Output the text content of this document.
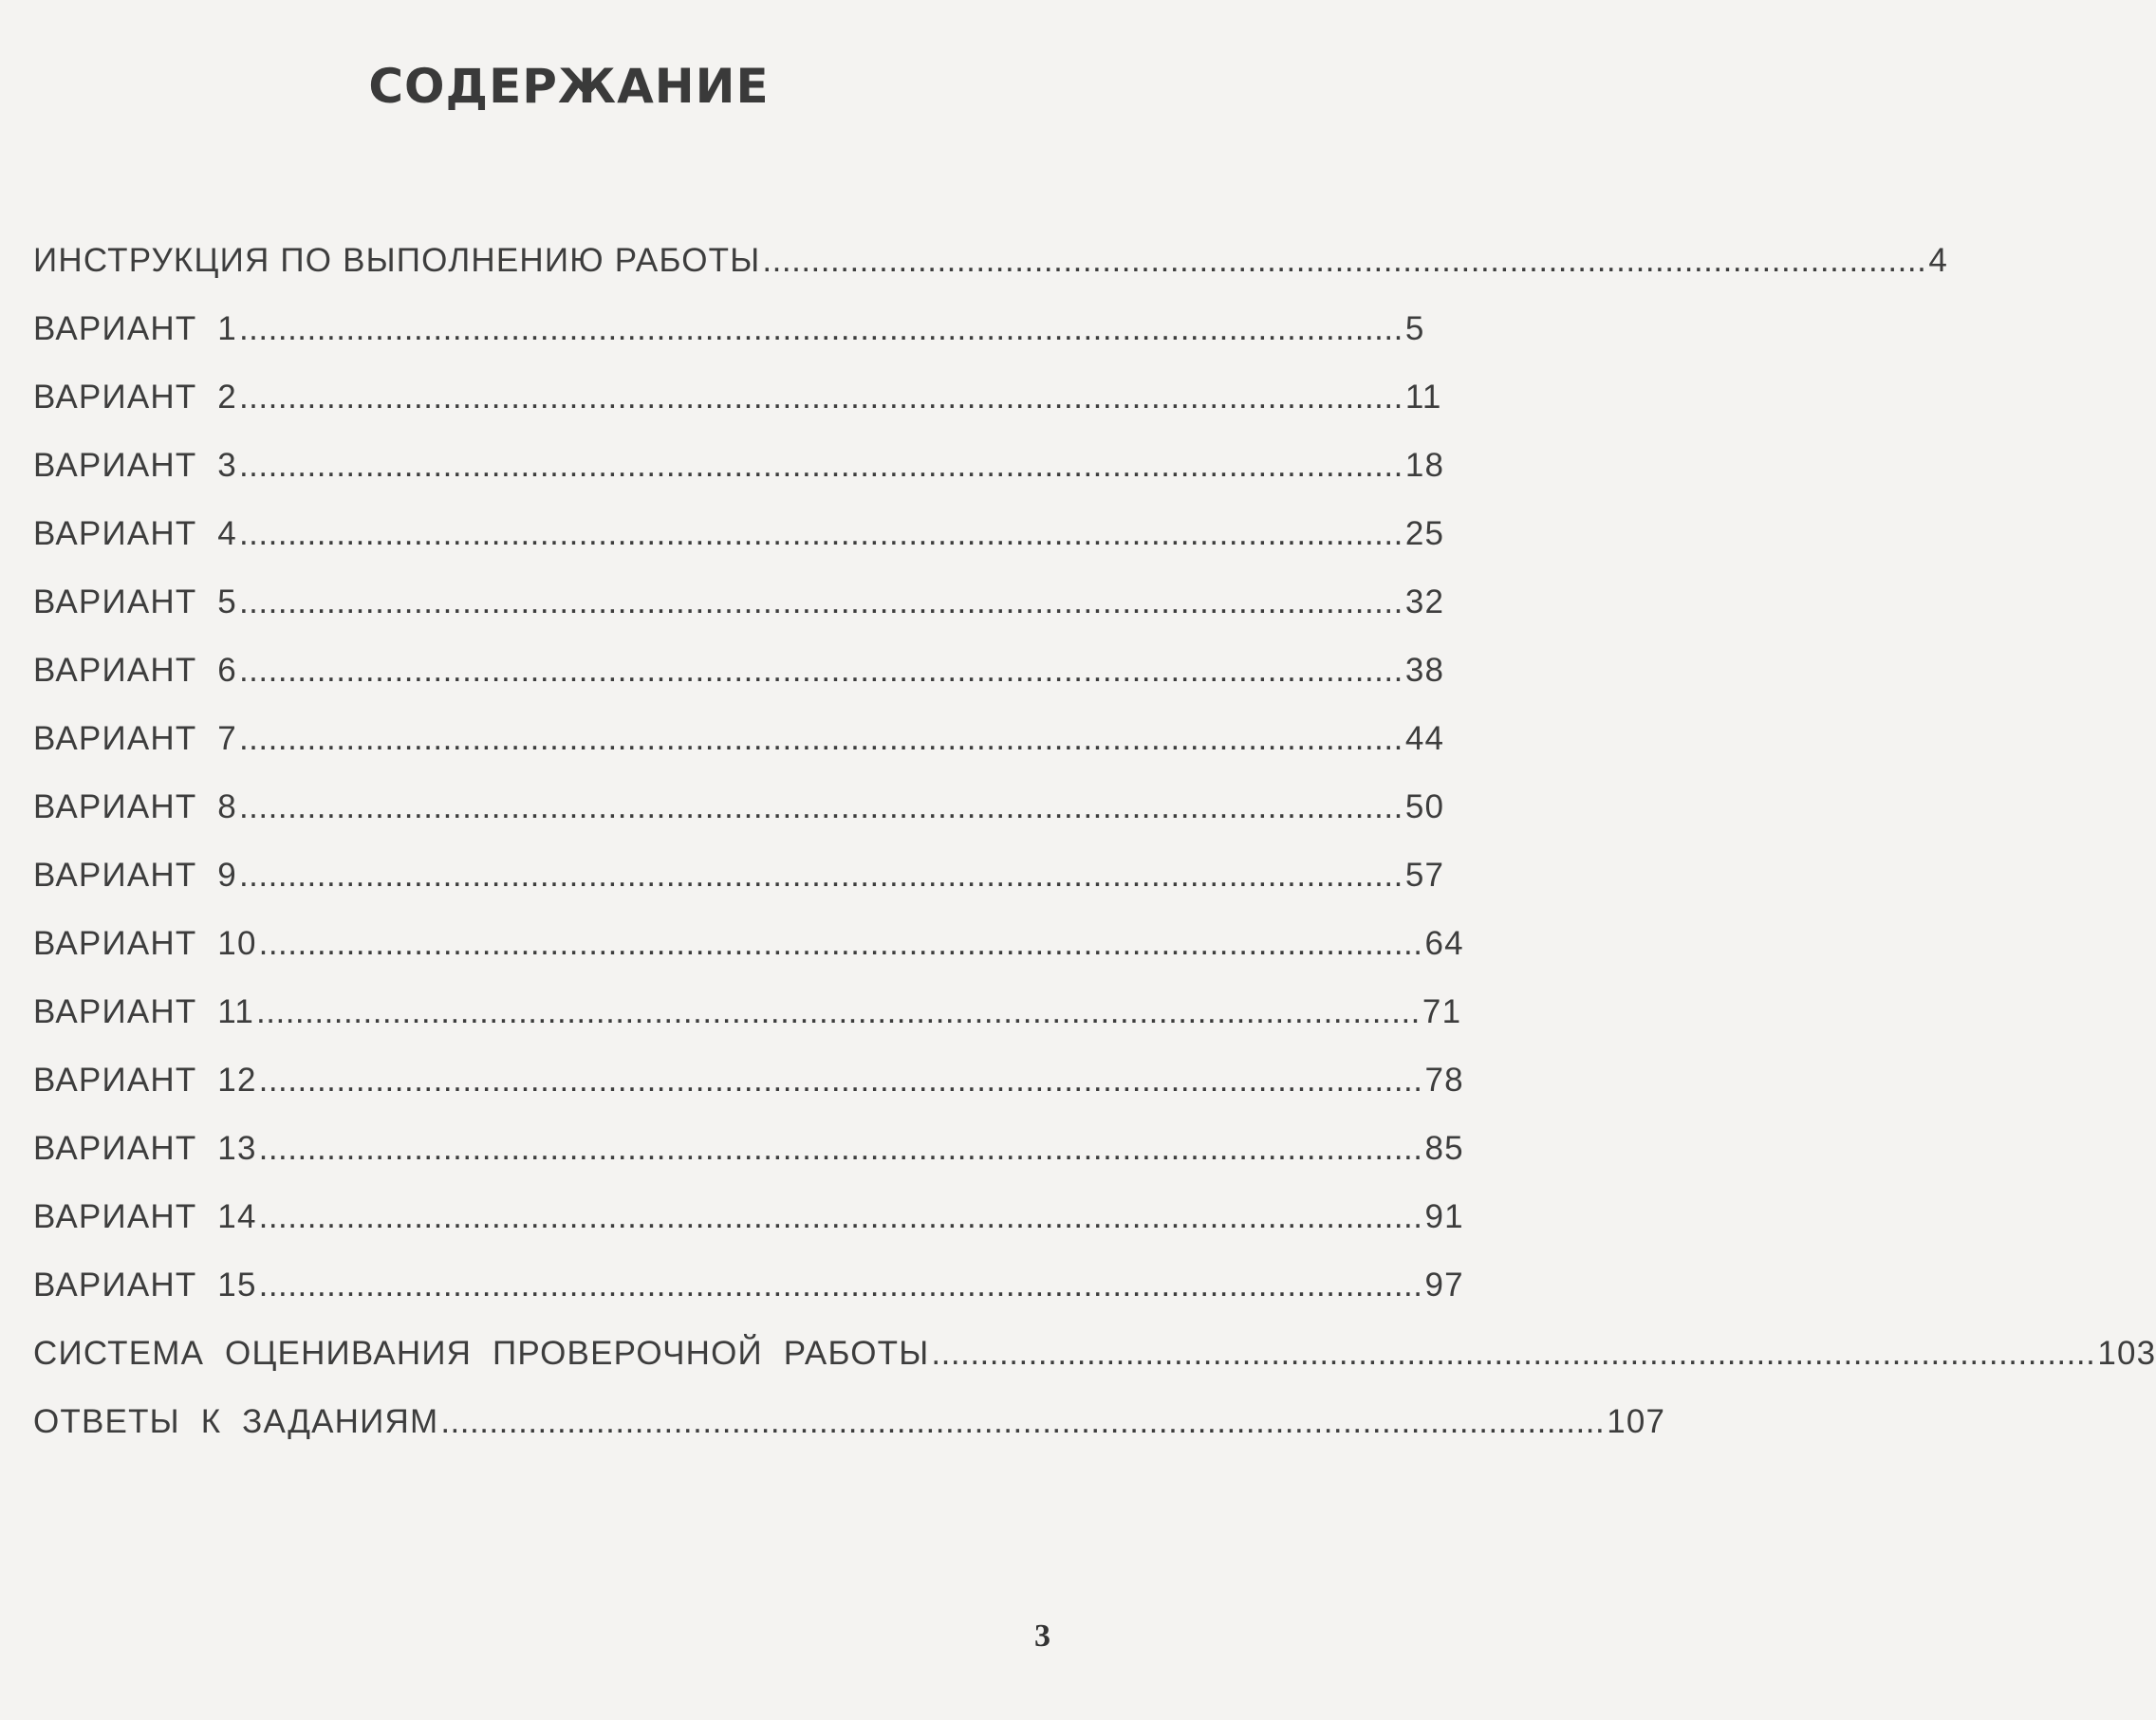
СОДЕРЖАНИЕ
ИНСТРУКЦИЯ ПО ВЫПОЛНЕНИЮ РАБОТЫ ........................................................................................................................ 4
ВАРИАНТ  1 ........................................................................................................................ 5
ВАРИАНТ  2 ........................................................................................................................ 11
ВАРИАНТ  3 ........................................................................................................................ 18
ВАРИАНТ  4 ........................................................................................................................ 25
ВАРИАНТ  5 ........................................................................................................................ 32
ВАРИАНТ  6 ........................................................................................................................ 38
ВАРИАНТ  7 ........................................................................................................................ 44
ВАРИАНТ  8 ........................................................................................................................ 50
ВАРИАНТ  9 ........................................................................................................................ 57
ВАРИАНТ  10 ........................................................................................................................ 64
ВАРИАНТ  11 ........................................................................................................................ 71
ВАРИАНТ  12 ........................................................................................................................ 78
ВАРИАНТ  13 ........................................................................................................................ 85
ВАРИАНТ  14 ........................................................................................................................ 91
ВАРИАНТ  15 ........................................................................................................................ 97
СИСТЕМА  ОЦЕНИВАНИЯ  ПРОВЕРОЧНОЙ  РАБОТЫ ........................................................................................................................ 103
ОТВЕТЫ  К  ЗАДАНИЯМ ........................................................................................................................ 107
3
